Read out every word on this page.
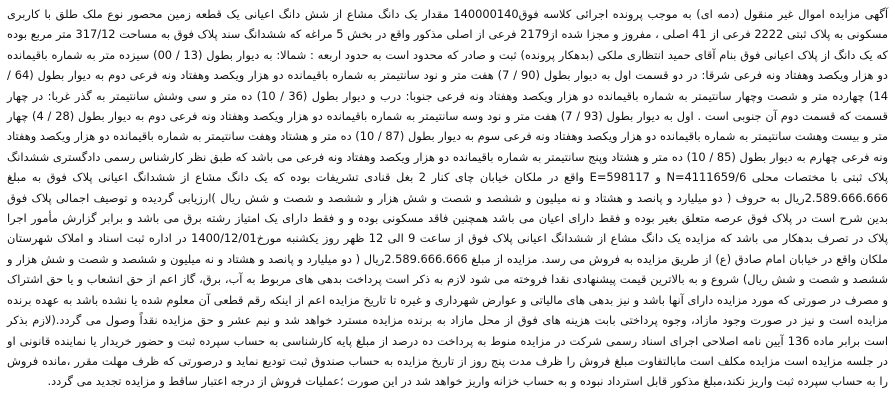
آگهی مزایده اموال غیر منقول (دمه ای) به موجب پرونده اجرائی کلاسه فوق140000140 مقدار یک دانگ مشاع از شش دانگ اعیانی یک قطعه زمین محصور نوع ملک طلق با کاربری مسکونی به پلاک ثبتی 2222 فرعی از 41 اصلی ، مفروز و مجزا شده از2179 فرعی از اصلی مذکور واقع در بخش 5 مراغه که ششدانگ سند پلاک فوق به مساحت 317/12 متر مربع بوده که یک دانگ از پلاک اعیانی فوق بنام آقای حمید انتظاری ملکی (بدهکار پرونده) ثبت و صادر که محدود است به حدود اربعه : شمالا: به دیوار بطول (13 / 00) سیزده متر به شماره باقیمانده دو هزار ویکصد وهفتاد ونه فرعی شرقا: در دو قسمت اول به دیوار بطول (90 / 7) هفت متر و نود سانتیمتر به شماره باقیمانده دو هزار ویکصد وهفتاد ونه فرعی دوم به دیوار بطول (64 / 14) چهارده متر و شصت وچهار سانتیمتر به شماره باقیمانده دو هزار ویکصد وهفتاد ونه فرعی جنوبا: درب و دیوار بطول (36 / 10) ده متر و سی وشش سانتیمتر به گذر غربا: در چهار قسمت که قسمت دوم آن جنوبی است . اول به دیوار بطول (93 / 7) هفت متر و نود وسه سانتیمتر به شماره باقیمانده دو هزار ویکصد وهفتاد ونه فرعی دوم به دیوار بطول (28 / 4) چهار متر و بیست وهشت سانتیمتر به شماره باقیمانده دو هزار ویکصد وهفتاد ونه فرعی سوم به دیوار بطول (87 / 10) ده متر و هشتاد وهفت سانتیمتر به شماره باقیمانده دو هزار ویکصد وهفتاد ونه فرعی چهارم به دیوار بطول (85 / 10) ده متر و هشتاد وپنج سانتیمتر به شماره باقیمانده دو هزار ویکصد وهفتاد ونه فرعی می باشد که طبق نظر کارشناس رسمی دادگستری ششدانگ پلاک ثبتی با مختصات محلی N=4111659/6 و E=598117 واقع در ملکان خیابان چای کنار 2 بغل قنادی تشریفات بوده که یک دانگ مشاع از ششدانگ اعیانی پلاک فوق به مبلغ 2.589.666.666ریال به حروف ( دو میلیارد و پانصد و هشتاد و نه میلیون و ششصد و شصت و شش هزار و ششصد و شصت و شش ریال )ارزیابی گردیده و توصیف اجمالی پلاک فوق بدین شرح است در پلاک فوق عرصه متعلق بغیر بوده و فقط دارای اعیان می باشد همچنین فاقد مسکونی بوده و و فقط دارای یک امتیاز رشته برق می باشد و برابر گزارش مأمور اجرا پلاک در تصرف بدهکار می باشد که مزایده یک دانگ مشاع از ششدانگ اعیانی پلاک فوق از ساعت 9 الی 12 ظهر روز یکشنبه مورخ1400/12/01 در اداره ثبت اسناد و املاک شهرستان ملکان واقع در خیابان امام صادق (ع) از طریق مزایده به فروش می رسد. مزایده از مبلغ 2.589.666.666ریال ( دو میلیارد و پانصد و هشتاد و نه میلیون و ششصد و شصت و شش هزار و ششصد و شصت و شش ریال) شروع و به بالاترین قیمت پیشنهادی نقدا فروخته می شود لازم به ذکر است پرداخت بدهی های مربوط به آب، برق، گاز اعم از حق انشعاب و یا حق اشتراک و مصرف در صورتی که مورد مزایده دارای آنها باشد و نیز بدهی های مالیاتی و عوارض شهرداری و غیره تا تاریخ مزایده اعم از اینکه رقم قطعی آن معلوم شده یا نشده باشد به عهده برنده مزایده است و نیز در صورت وجود مازاد، وجوه پرداختی بابت هزینه های فوق از محل مازاد به برنده مزایده مسترد خواهد شد و نیم عشر و حق مزایده نقداً وصول می گردد.(لازم بذکر است برابر ماده 136 آیین نامه اصلاحی اجرای اسناد رسمی شرکت در مزایده منوط به پرداخت ده درصد از مبلغ پایه کارشناسی به حساب سپرده ثبت و حضور خریدار یا نماینده قانونی او در جلسه مزایده است مزایده مکلف است مابالتفاوت مبلغ فروش را ظرف مدت پنج روز از تاریخ مزایده به حساب صندوق ثبت تودیع نماید و درصورتی که ظرف مهلت مقرر ،مانده فروش را به حساب سپرده ثبت واریز نکند،مبلغ مذکور قابل استرداد نبوده و به حساب خزانه واریز خواهد شد در این صورت ؛عملیات فروش از درجه اعتبار ساقط و مزایده تجدید می گردد.
